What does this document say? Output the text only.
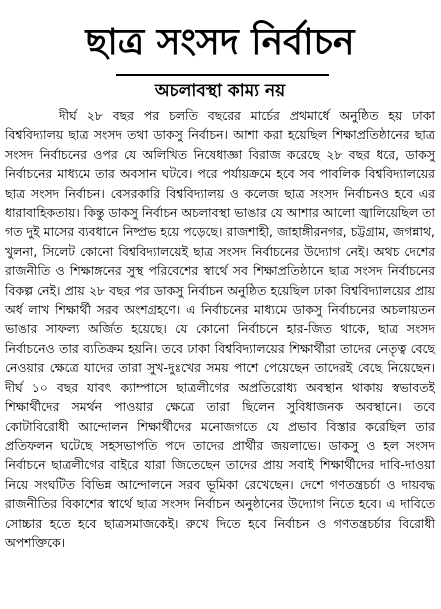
ছাত্র সংসদ নির্বাচন
অচলাবস্থা কাম্য নয়

দীর্ঘ ২৮ বছর পর চলতি বছরের মার্চের প্রথমার্ধে অনুষ্ঠিত হয় ঢাকা বিশ্ববিদ্যালয় ছাত্র সংসদ তথা ডাকসু নির্বাচন। আশা করা হয়েছিল শিক্ষাপ্রতিষ্ঠানের ছাত্র সংসদ নির্বাচনের ওপর যে অলিখিত নিষেধাজ্ঞা বিরাজ করেছে ২৮ বছর ধরে, ডাকসু নির্বাচনের মাধ্যমে তার অবসান ঘটবে। পরে পর্যায়ক্রমে হবে সব পাবলিক বিশ্ববিদ্যালয়ের ছাত্র সংসদ নির্বাচন। বেসরকারি বিশ্ববিদ্যালয় ও কলেজ ছাত্র সংসদ নির্বাচনও হবে এর ধারাবাহিকতায়। কিন্তু ডাকসু নির্বাচন অচলাবস্থা ভাঙার যে আশার আলো জ্বালিয়েছিল তা গত দুই মাসের ব্যবধানে নিষ্প্রভ হয়ে পড়েছে। রাজশাহী, জাহাঙ্গীরনগর, চট্টগ্রাম, জগন্নাথ, খুলনা, সিলেট কোনো বিশ্ববিদ্যালয়েই ছাত্র সংসদ নির্বাচনের উদ্যোগ নেই। অথচ দেশের রাজনীতি ও শিক্ষাঙ্গনের সুস্থ পরিবেশের স্বার্থে সব শিক্ষাপ্রতিষ্ঠানে ছাত্র সংসদ নির্বাচনের বিকল্প নেই। প্রায় ২৮ বছর পর ডাকসু নির্বাচন অনুষ্ঠিত হয়েছিল ঢাকা বিশ্ববিদ্যালয়ের প্রায় অর্ধ লাখ শিক্ষার্থী সরব অংশগ্রহণে। এ নির্বাচনের মাধ্যমে ডাকসু নির্বাচনের অচলায়তন ভাঙার সাফল্য অর্জিত হয়েছে। যে কোনো নির্বাচনে হার-জিত থাকে, ছাত্র সংসদ নির্বাচনেও তার ব্যতিক্রম হয়নি। তবে ঢাকা বিশ্ববিদ্যালয়ের শিক্ষার্থীরা তাদের নেতৃত্ব বেছে নেওয়ার ক্ষেত্রে যাদের তারা সুখ-দুঃখের সময় পাশে পেয়েছেন তাদেরই বেছে নিয়েছেন। দীর্ঘ ১০ বছর যাবৎ ক্যাম্পাসে ছাত্রলীগের অপ্রতিরোধ্য অবস্থান থাকায় স্বভাবতই শিক্ষার্থীদের সমর্থন পাওয়ার ক্ষেত্রে তারা ছিলেন সুবিধাজনক অবস্থানে। তবে কোটাবিরোধী আন্দোলন শিক্ষার্থীদের মনোজগতে যে প্রভাব বিস্তার করেছিল তার প্রতিফলন ঘটেছে সহসভাপতি পদে তাদের প্রার্থীর জয়লাভে। ডাকসু ও হল সংসদ নির্বাচনে ছাত্রলীগের বাইরে যারা জিতেছেন তাদের প্রায় সবাই শিক্ষার্থীদের দাবি-দাওয়া নিয়ে সংঘটিত বিভিন্ন আন্দোলনে সরব ভূমিকা রেখেছেন। দেশে গণতন্ত্রচর্চা ও দায়বদ্ধ রাজনীতির বিকাশের স্বার্থে ছাত্র সংসদ নির্বাচন অনুষ্ঠানের উদ্যোগ নিতে হবে। এ দাবিতে সোচ্চার হতে হবে ছাত্রসমাজকেই। রুখে দিতে হবে নির্বাচন ও গণতন্ত্রচর্চার বিরোধী অপশক্তিকে।
